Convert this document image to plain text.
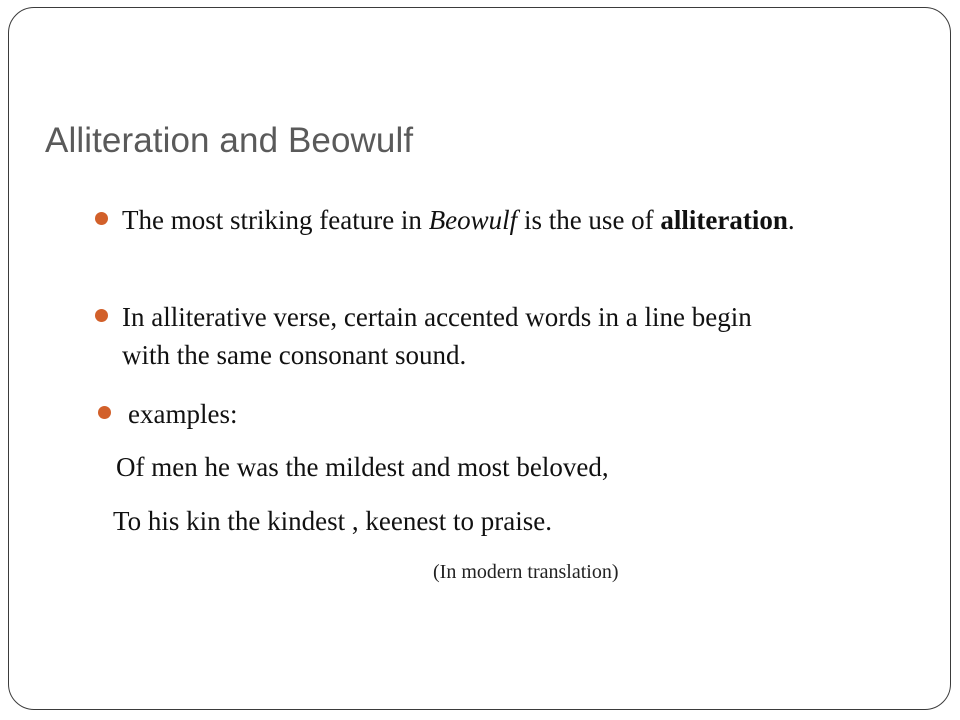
Alliteration and Beowulf
The most striking feature in Beowulf is the use of alliteration.
In alliterative verse, certain accented words in a line begin with the same consonant sound.
examples:
Of men he was the mildest and most beloved,
To his kin the kindest , keenest to praise.
(In modern translation)
